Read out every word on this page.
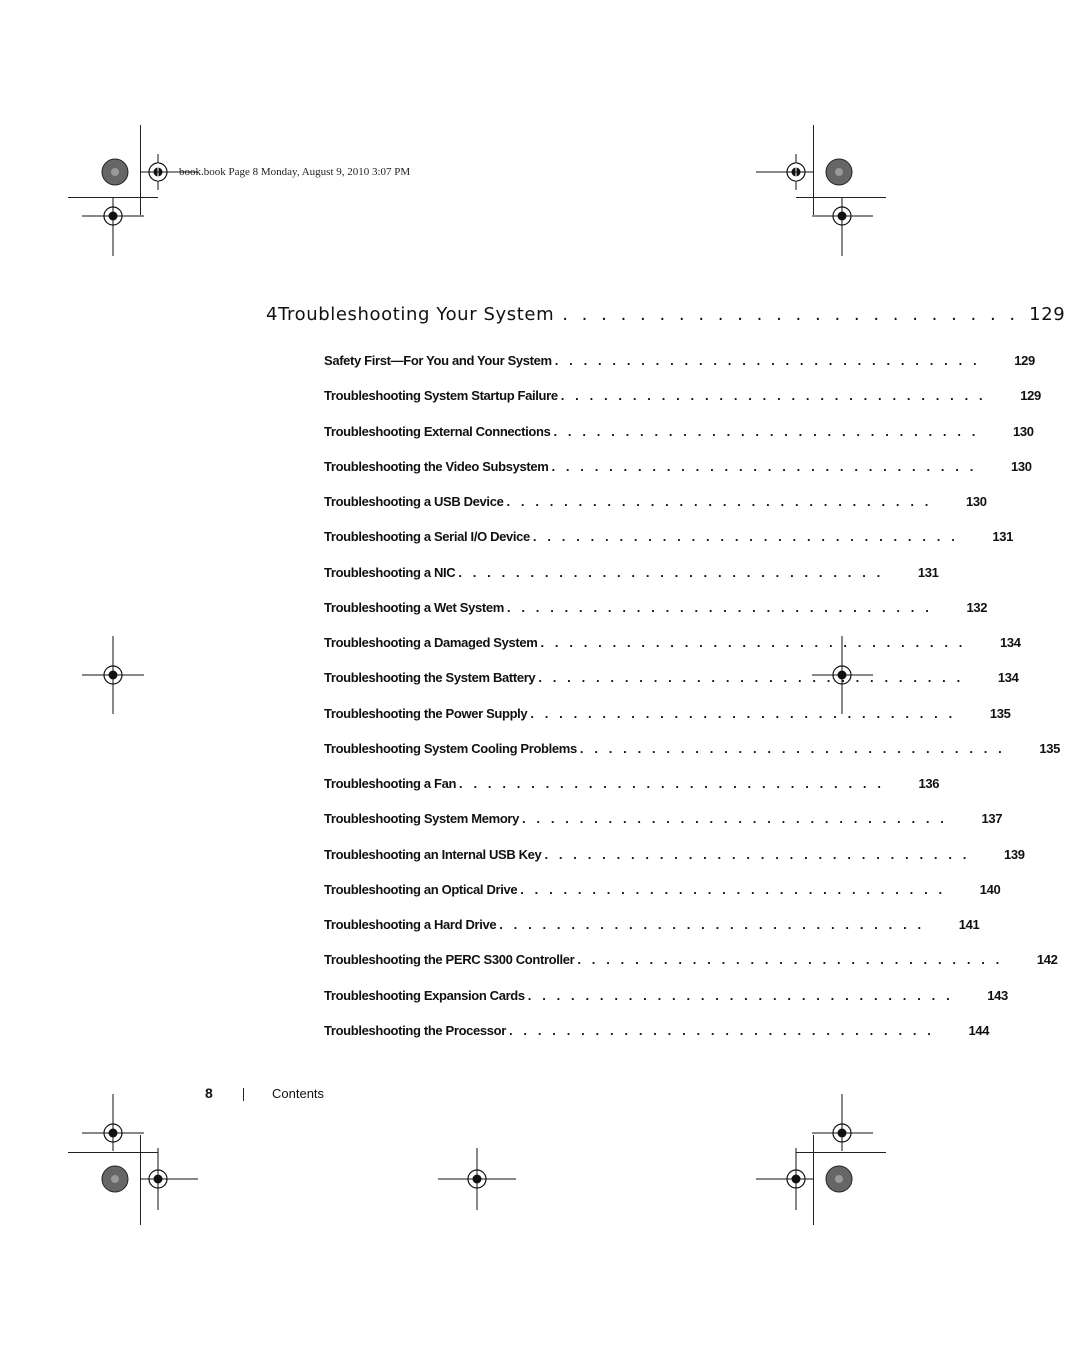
book.book Page 8 Monday, August 9, 2010 3:07 PM
4 Troubleshooting Your System . . . . . . . . . . . . . . . . . . . . . . . . 129
Safety First—For You and Your System . . . . . . . . . . . . . . . . . . . . . . . . . . . . . .	129
Troubleshooting System Startup Failure . . . . . . . . . . . . . . . . . . . . . . . . . . . . . .	129
Troubleshooting External Connections . . . . . . . . . . . . . . . . . . . . . . . . . . . . . .	130
Troubleshooting the Video Subsystem . . . . . . . . . . . . . . . . . . . . . . . . . . . . . .	130
Troubleshooting a USB Device . . . . . . . . . . . . . . . . . . . . . . . . . . . . . .	130
Troubleshooting a Serial I/O Device . . . . . . . . . . . . . . . . . . . . . . . . . . . . . .	131
Troubleshooting a NIC . . . . . . . . . . . . . . . . . . . . . . . . . . . . . .	131
Troubleshooting a Wet System . . . . . . . . . . . . . . . . . . . . . . . . . . . . . .	132
Troubleshooting a Damaged System . . . . . . . . . . . . . . . . . . . . . . . . . . . . . .	134
Troubleshooting the System Battery . . . . . . . . . . . . . . . . . . . . . . . . . . . . . .	134
Troubleshooting the Power Supply . . . . . . . . . . . . . . . . . . . . . . . . . . . . . .	135
Troubleshooting System Cooling Problems . . . . . . . . . . . . . . . . . . . . . . . . . . . . . .	135
Troubleshooting a Fan . . . . . . . . . . . . . . . . . . . . . . . . . . . . . .	136
Troubleshooting System Memory . . . . . . . . . . . . . . . . . . . . . . . . . . . . . .	137
Troubleshooting an Internal USB Key . . . . . . . . . . . . . . . . . . . . . . . . . . . . . .	139
Troubleshooting an Optical Drive . . . . . . . . . . . . . . . . . . . . . . . . . . . . . .	140
Troubleshooting a Hard Drive . . . . . . . . . . . . . . . . . . . . . . . . . . . . . .	141
Troubleshooting the PERC S300 Controller . . . . . . . . . . . . . . . . . . . . . . . . . . . . . .	142
Troubleshooting Expansion Cards . . . . . . . . . . . . . . . . . . . . . . . . . . . . . .	143
Troubleshooting the Processor . . . . . . . . . . . . . . . . . . . . . . . . . . . . . .	144
8	Contents
